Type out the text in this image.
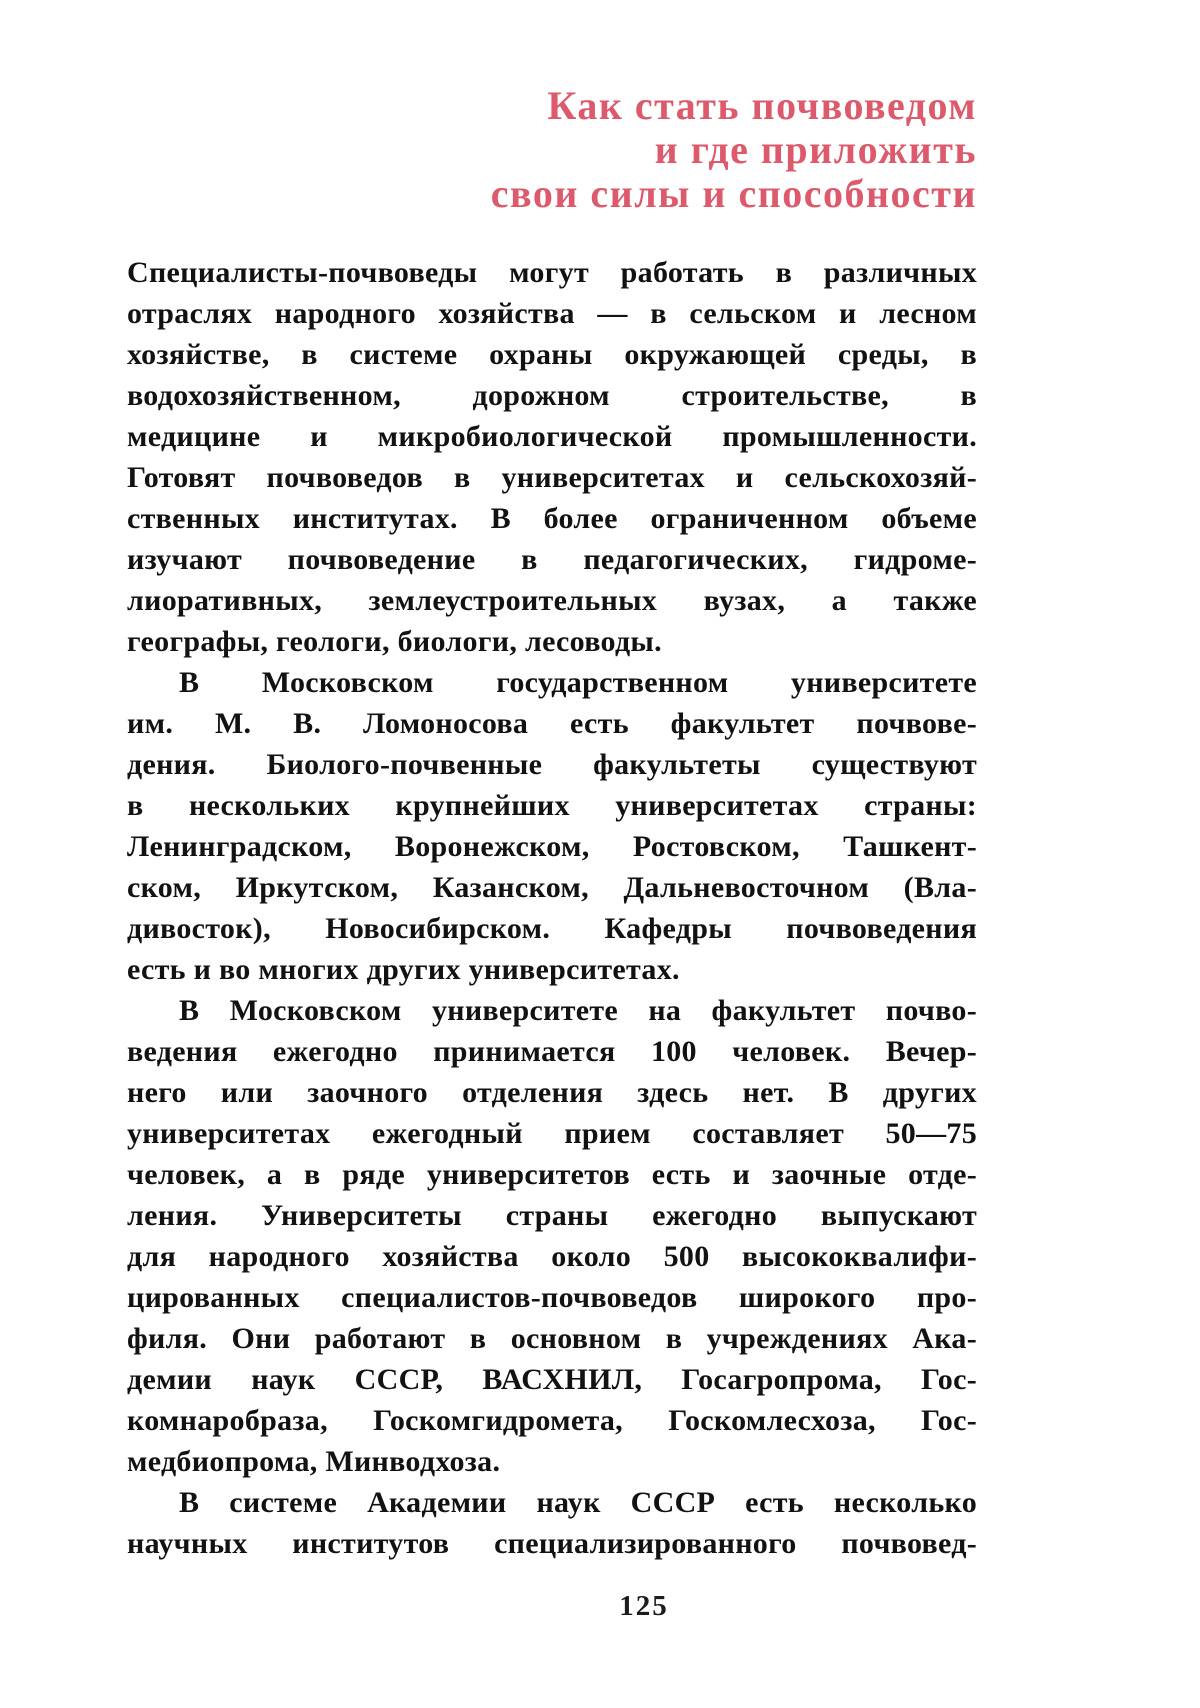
Как стать почвоведом
и где приложить
свои силы и способности
Специалисты-почвоведы могут работать в различных
отраслях народного хозяйства — в сельском и лесном
хозяйстве, в системе охраны окружающей среды, в
водохозяйственном, дорожном строительстве, в
медицине и микробиологической промышленности.
Готовят почвоведов в университетах и сельскохозяй-
ственных институтах. В более ограниченном объеме
изучают почвоведение в педагогических, гидроме-
лиоративных, землеустроительных вузах, а также
географы, геологи, биологи, лесоводы.
В Московском государственном университете
им. М. В. Ломоносова есть факультет почвове-
дения. Биолого-почвенные факультеты существуют
в нескольких крупнейших университетах страны:
Ленинградском, Воронежском, Ростовском, Ташкент-
ском, Иркутском, Казанском, Дальневосточном (Вла-
дивосток), Новосибирском. Кафедры почвоведения
есть и во многих других университетах.
В Московском университете на факультет почво-
ведения ежегодно принимается 100 человек. Вечер-
него или заочного отделения здесь нет. В других
университетах ежегодный прием составляет 50—75
человек, а в ряде университетов есть и заочные отде-
ления. Университеты страны ежегодно выпускают
для народного хозяйства около 500 высококвалифи-
цированных специалистов-почвоведов широкого про-
филя. Они работают в основном в учреждениях Ака-
демии наук СССР, ВАСХНИЛ, Госагропрома, Гос-
комнаробраза, Госкомгидромета, Госкомлесхоза, Гос-
медбиопрома, Минводхоза.
В системе Академии наук СССР есть несколько
научных институтов специализированного почвовед-
125
